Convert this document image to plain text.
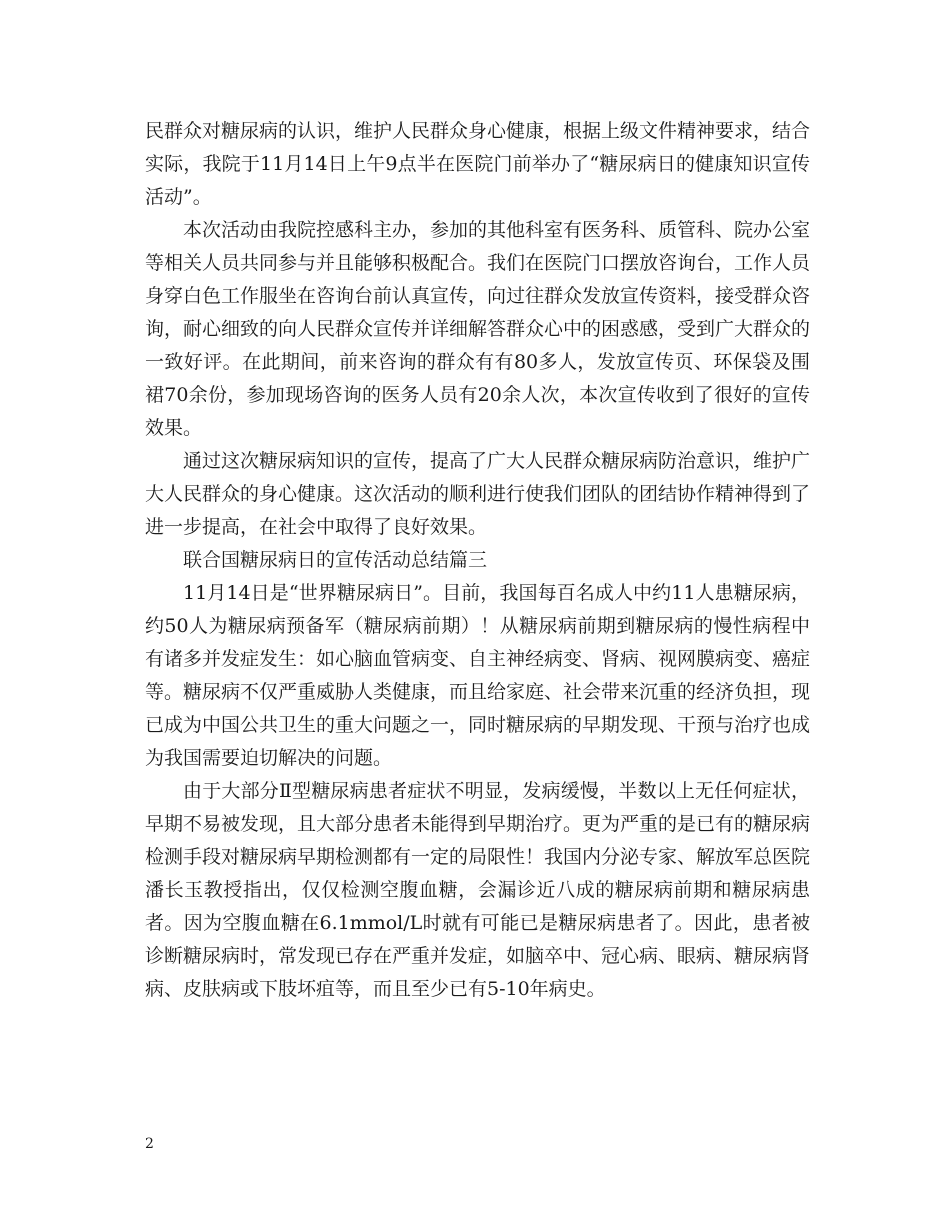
民群众对糖尿病的认识，维护人民群众身心健康，根据上级文件精神要求，结合实际，我院于11月14日上午9点半在医院门前举办了“糖尿病日的健康知识宣传活动”。

本次活动由我院控感科主办，参加的其他科室有医务科、质管科、院办公室等相关人员共同参与并且能够积极配合。我们在医院门口摆放咨询台，工作人员身穿白色工作服坐在咨询台前认真宣传，向过往群众发放宣传资料，接受群众咨询，耐心细致的向人民群众宣传并详细解答群众心中的困惑感，受到广大群众的一致好评。在此期间，前来咨询的群众有有80多人，发放宣传页、环保袋及围裙70余份，参加现场咨询的医务人员有20余人次，本次宣传收到了很好的宣传效果。

通过这次糖尿病知识的宣传，提高了广大人民群众糖尿病防治意识，维护广大人民群众的身心健康。这次活动的顺利进行使我们团队的团结协作精神得到了进一步提高，在社会中取得了良好效果。

联合国糖尿病日的宣传活动总结篇三

11月14日是“世界糖尿病日”。目前，我国每百名成人中约11人患糖尿病，约50人为糖尿病预备军（糖尿病前期）！从糖尿病前期到糖尿病的慢性病程中有诸多并发症发生：如心脑血管病变、自主神经病变、肾病、视网膜病变、癌症等。糖尿病不仅严重威胁人类健康，而且给家庭、社会带来沉重的经济负担，现已成为中国公共卫生的重大问题之一，同时糖尿病的早期发现、干预与治疗也成为我国需要迫切解决的问题。

由于大部分Ⅱ型糖尿病患者症状不明显，发病缓慢，半数以上无任何症状，早期不易被发现，且大部分患者未能得到早期治疗。更为严重的是已有的糖尿病检测手段对糖尿病早期检测都有一定的局限性！我国内分泌专家、解放军总医院潘长玉教授指出，仅仅检测空腹血糖，会漏诊近八成的糖尿病前期和糖尿病患者。因为空腹血糖在6.1mmol/L时就有可能已是糖尿病患者了。因此，患者被诊断糖尿病时，常发现已存在严重并发症，如脑卒中、冠心病、眼病、糖尿病肾病、皮肤病或下肢坏疽等，而且至少已有5-10年病史。

2
